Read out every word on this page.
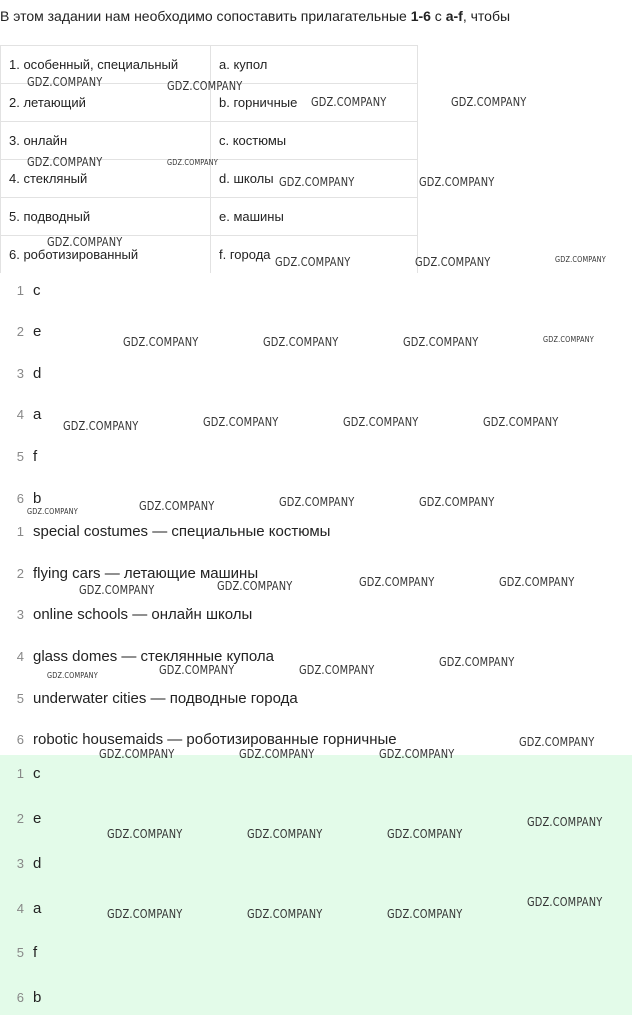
В этом задании нам необходимо сопоставить прилагательные 1-6 с a-f, чтобы
1. особенный, специальный	a. купол
2. летающий	b. горничные
3. онлайн	c. костюмы
4. стекляный	d. школы
5. подводный	e. машины
6. роботизированный	f. города
1 c
2 e
3 d
4 a
5 f
6 b
1 special costumes — специальные костюмы
2 flying cars — летающие машины
3 online schools — онлайн школы
4 glass domes — стеклянные купола
5 underwater cities — подводные города
6 robotic housemaids — роботизированные горничные
1 c
2 e
3 d
4 a
5 f
6 b
GDZ.COMPANY	GDZ.COMPANY
GDZ.COMPANY	GDZ.COMPANY
GDZ.COMPANY	GDZ.COMPANY
GDZ.COMPANY	GDZ.COMPANY
GDZ.COMPANY
GDZ.COMPANY	GDZ.COMPANY	GDZ.COMPANY
GDZ.COMPANY	GDZ.COMPANY	GDZ.COMPANY	GDZ.COMPANY
GDZ.COMPANY	GDZ.COMPANY	GDZ.COMPANY	GDZ.COMPANY
GDZ.COMPANY	GDZ.COMPANY	GDZ.COMPANY	GDZ.COMPANY
GDZ.COMPANY	GDZ.COMPANY	GDZ.COMPANY	GDZ.COMPANY
GDZ.COMPANY	GDZ.COMPANY	GDZ.COMPANY
GDZ.COMPANY
GDZ.COMPANY
GDZ.COMPANY	GDZ.COMPANY	GDZ.COMPANY
GDZ.COMPANY	GDZ.COMPANY	GDZ.COMPANY
GDZ.COMPANY
GDZ.COMPANY	GDZ.COMPANY	GDZ.COMPANY
GDZ.COMPANY
